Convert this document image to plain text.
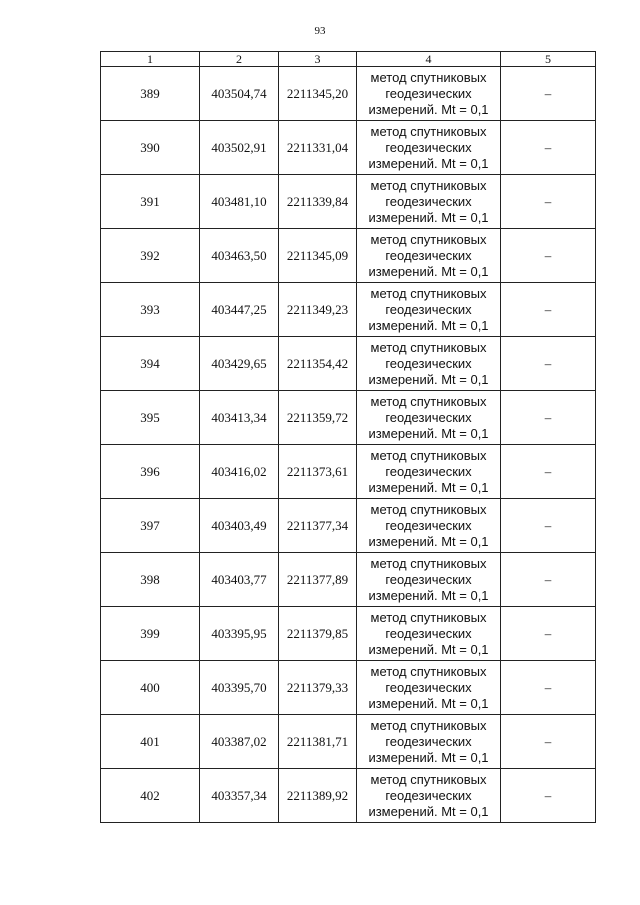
93
1	2	3	4	5
389	403504,74	2211345,20	метод спутниковых геодезических измерений. Mt = 0,1	–
390	403502,91	2211331,04	метод спутниковых геодезических измерений. Mt = 0,1	–
391	403481,10	2211339,84	метод спутниковых геодезических измерений. Mt = 0,1	–
392	403463,50	2211345,09	метод спутниковых геодезических измерений. Mt = 0,1	–
393	403447,25	2211349,23	метод спутниковых геодезических измерений. Mt = 0,1	–
394	403429,65	2211354,42	метод спутниковых геодезических измерений. Mt = 0,1	–
395	403413,34	2211359,72	метод спутниковых геодезических измерений. Mt = 0,1	–
396	403416,02	2211373,61	метод спутниковых геодезических измерений. Mt = 0,1	–
397	403403,49	2211377,34	метод спутниковых геодезических измерений. Mt = 0,1	–
398	403403,77	2211377,89	метод спутниковых геодезических измерений. Mt = 0,1	–
399	403395,95	2211379,85	метод спутниковых геодезических измерений. Mt = 0,1	–
400	403395,70	2211379,33	метод спутниковых геодезических измерений. Mt = 0,1	–
401	403387,02	2211381,71	метод спутниковых геодезических измерений. Mt = 0,1	–
402	403357,34	2211389,92	метод спутниковых геодезических измерений. Mt = 0,1	–
